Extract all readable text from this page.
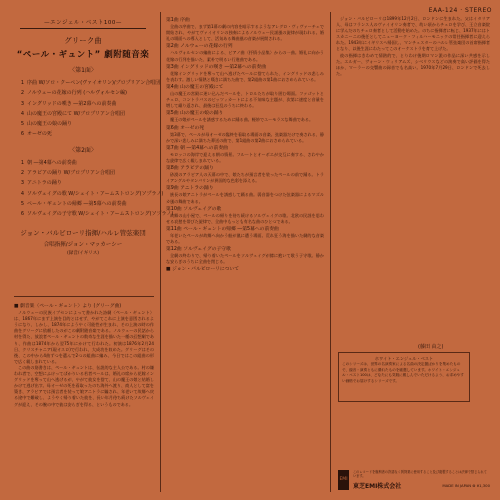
EAA-124 · STEREO
—エンジェル・ベスト100—
グリーク曲
“ペール・ギュント” 劇附随音楽
〈第1面〉
1 序曲 W/ソロ・クーペン(ヴァイオリン)/ブロプリアン合唱団
2 ノルウェーの花嫁の行列 (ハルヴォルセン編)
3 イングリッドの嘆き ―第2幕への前奏曲
4 山の魔王の宮殿にて W/ブロプリアン合唱団
5 山の魔王の娘の踊り
6 オーゼの死
〈第2面〉
1 朝 ―第4幕への前奏曲
2 アラビアの踊り W/ブロプリアン合唱団
3 アニトラの踊り
4 ソルヴェイグの歌 W/シェイト・アームストロング(ソプラノ)
5 ペール・ギュントの帰郷 ―第5幕への前奏曲
6 ソルヴェイグの子守歌 W/シェイト・アームストロング(ソプラノ)
ジョン・バルビローリ指揮/ハルレ管弦楽団
合唱指揮/ジョン・マッカーシー
(録音/イギリス)

■ 劇音楽〈ペール・ギュント〉より (グリーグ曲)

ノルウェーの民族イプセンによって書かれた詩劇〈ペール・ギュント〉は、1867年にまず上演を目的とはせず、やがてこれに上演を意図されるようになり、しかし、1874年にようやく可能性が生まれ、その上演の時の作曲をグリーグに依頼したのがこの劇附随音楽である。ノルウェーの民話から材を得た、放浪者ペール・ギュントの数奇な生涯を描いた一種の幻想劇であり、作曲は1874年から翌75年にかけて行われた。初演は1876年2月24日、クリスチャニア(現オスロ)で行われ、大成功を収めた。グリーグはその後、この中から4曲ずつを選んで2つの組曲に編み、今日ではこの組曲の形で広く親しまれている。

この曲の筋書きは、ペール・ギュントは、伝説的な主人公である。村の嫌われ者で、空想にふけってばかりいる若者ペールは、婚礼の席から花嫁イングリッドを奪って山へ逃げるが、やがて彼女を捨て、山の魔王の娘と結婚しかけて逃げ出す。母オーゼの死を看取ったのち海外へ渡り、商人として富を築き、アラビアでは預言者を装って娘アニトラに騙され、年老いて故郷へ戻る途中で難破し、ようやく帰り着いた彼を、長い年月待ち続けたソルヴェイグが迎え、その腕の中で彼は安らぎを得る、というものである。

第1曲 序曲

全曲の序曲で、まず第1幕の劇の内容を暗示するようなアレグロ・ヴィヴァーチェで開始され、やがてヴァイオリンの独奏によるノルウェー民謡風の旋律が現われる。婚礼の場面への導入として、活気ある舞曲風の音楽が展開される。

第2曲 ノルウェーの花嫁の行列

ハルヴォルセンの編曲による、ピアノ曲〈抒情小品集〉からの一曲。婚礼に向かう花嫁の行列を描いた、素朴で明るい行進曲である。

第3曲 イングリッドの嘆き ―第2幕への前奏曲

花嫁イングリッドを奪って山へ逃げたペールに捨てられた、イングリッドの悲しみを表わす。激しい情熱と嘆きに満ちた曲で、第2組曲の第1曲におさめられている。

第4曲 山の魔王の宮殿にて

山の魔王の宮殿に迷い込んだペールを、トロルたちが取り囲む場面。ファゴットとチェロ、コントラバスのピッツィカートによる不気味な主題が、次第に速度と音量を増して繰り返され、最後は狂乱のうちに終わる。

第5曲 山の魔王の娘の踊り

魔王の娘がペールを誘惑するために踊る曲。軽妙でユーモラスな舞曲である。

第6曲 オーゼの死

第3幕で、ペールが母オーゼの臨終を看取る場面の音楽。弦楽器だけで奏される、静かで深い悲しみに満ちた葬送の曲で、第1組曲の第2曲におさめられている。

第7曲 朝 ―第4幕への前奏曲

モロッコの海岸で迎える朝の情景。フルートとオーボエが交互に奏する、さわやかな旋律で広く親しまれている。

第8曲 アラビアの踊り

砂漠のアラビア人の天幕の中で、娘たちが預言者を装ったペールの前で踊る。トライアングルやタンバリンが異国的な色彩を添える。

第9曲 アニトラの踊り

族長の娘アニトラがペールを誘惑して踊る曲。弱音器をつけた弦楽器によるマズルカ風の舞曲である。

第10曲 ソルヴェイグの歌

故郷の山小屋で、ペールの帰りを待ち続けるソルヴェイグの歌。北欧の民謡を思わせる哀愁を帯びた旋律で、全曲中もっとも有名な曲のひとつである。

第11曲 ペール・ギュントの帰郷 ―第5幕への前奏曲

年老いたペールが故郷へ向かう船が嵐に遭う場面。荒れ狂う海を描いた劇的な音楽である。

第12曲 ソルヴェイグの子守歌

全劇の終わりで、帰り着いたペールをソルヴェイグが膝に抱いて歌う子守歌。静かな安らぎのうちに全曲を閉じる。

■ ジョン・バルビローリについて

ジョン・バルビローリは1899年12月2日、ロンドンに生まれた。父はイタリア人、母はフランス人のヴァイオリン奏者で、幼い頃からチェロを学び、王立音楽院に学んだのちチェロ奏者として活動を始めた。のちに指揮者に転じ、1937年にはトスカニーニの後任としてニューヨーク・フィルハーモニックの常任指揮者に迎えられた。1943年にイギリスへ帰国し、マンチェスターのハルレ管弦楽団の首席指揮者となり、以後生涯にわたってこのオーケストラを育て上げた。

彼の指揮はきわめて情熱的で、とりわけ後期ロマン派の作品に深い共感を示した。エルガー、ヴォーン・ウィリアムズ、シベリウスなどの演奏で高い評価を得たほか、マーラーの交響曲の録音でも名高い。1970年7月29日、ロンドンで死去した。

(藤田 由之)
ホワイト・エンジェル・ベスト
このシリーズは、世界の名演奏家による名曲の決定盤ばかりを集めたもので、録音・演奏ともに優れたものを厳選しています。ホワイト・エンジェル・ベスト100は、どなたにも気軽に親しんでいただけるよう、お求めやすい価格でお届けするシリーズです。
EMI
このレコードを権利者の許諾なく賃貸業に使用すること及び複製することは法律で禁じられています。
東芝EMI株式会社	MADE IN JAPAN ⊗ ¥1,300
